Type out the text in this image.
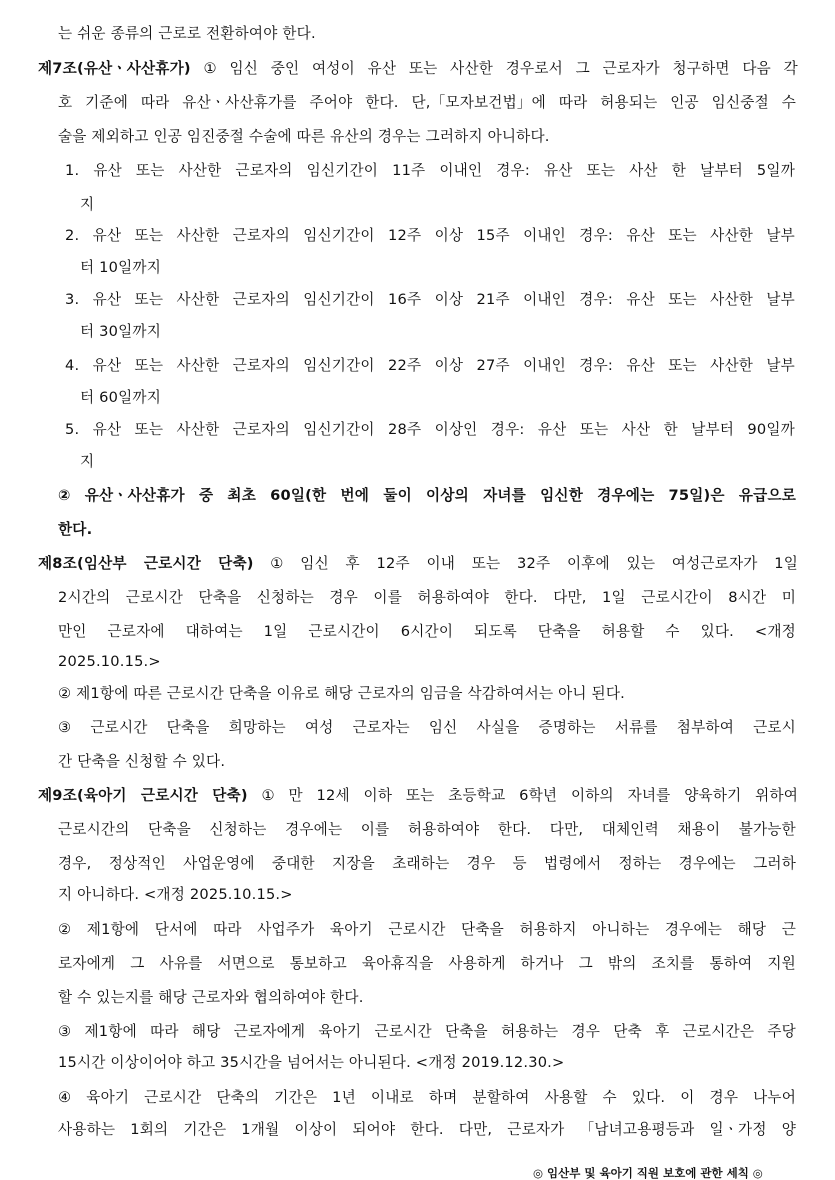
는 쉬운 종류의 근로로 전환하여야 한다.
제7조(유산ㆍ사산휴가) ① 임신 중인 여성이 유산 또는 사산한 경우로서 그 근로자가 청구하면 다음 각
호 기준에 따라 유산ㆍ사산휴가를 주어야 한다. 단,「모자보건법」에 따라 허용되는 인공 임신중절 수
술을 제외하고 인공 임진중절 수술에 따른 유산의 경우는 그러하지 아니하다.
1. 유산 또는 사산한 근로자의 임신기간이 11주 이내인 경우: 유산 또는 사산 한 날부터 5일까
지
2. 유산 또는 사산한 근로자의 임신기간이 12주 이상 15주 이내인 경우: 유산 또는 사산한 날부
터 10일까지
3. 유산 또는 사산한 근로자의 임신기간이 16주 이상 21주 이내인 경우: 유산 또는 사산한 날부
터 30일까지
4. 유산 또는 사산한 근로자의 임신기간이 22주 이상 27주 이내인 경우: 유산 또는 사산한 날부
터 60일까지
5. 유산 또는 사산한 근로자의 임신기간이 28주 이상인 경우: 유산 또는 사산 한 날부터 90일까
지
② 유산ㆍ사산휴가 중 최초 60일(한 번에 둘이 이상의 자녀를 임신한 경우에는 75일)은 유급으로
한다.
제8조(임산부 근로시간 단축) ① 임신 후 12주 이내 또는 32주 이후에 있는 여성근로자가 1일
2시간의 근로시간 단축을 신청하는 경우 이를 허용하여야 한다. 다만, 1일 근로시간이 8시간 미
만인 근로자에 대하여는 1일 근로시간이 6시간이 되도록 단축을 허용할 수 있다. <개정
2025.10.15.>
② 제1항에 따른 근로시간 단축을 이유로 해당 근로자의 임금을 삭감하여서는 아니 된다.
③ 근로시간 단축을 희망하는 여성 근로자는 임신 사실을 증명하는 서류를 첨부하여 근로시
간 단축을 신청할 수 있다.
제9조(육아기 근로시간 단축) ① 만 12세 이하 또는 초등학교 6학년 이하의 자녀를 양육하기 위하여
근로시간의 단축을 신청하는 경우에는 이를 허용하여야 한다. 다만, 대체인력 채용이 불가능한
경우, 정상적인 사업운영에 중대한 지장을 초래하는 경우 등 법령에서 정하는 경우에는 그러하
지 아니하다. <개정 2025.10.15.>
② 제1항에 단서에 따라 사업주가 육아기 근로시간 단축을 허용하지 아니하는 경우에는 해당 근
로자에게 그 사유를 서면으로 통보하고 육아휴직을 사용하게 하거나 그 밖의 조치를 통하여 지원
할 수 있는지를 해당 근로자와 협의하여야 한다.
③ 제1항에 따라 해당 근로자에게 육아기 근로시간 단축을 허용하는 경우 단축 후 근로시간은 주당
15시간 이상이어야 하고 35시간을 넘어서는 아니된다. <개정 2019.12.30.>
④ 육아기 근로시간 단축의 기간은 1년 이내로 하며 분할하여 사용할 수 있다. 이 경우 나누어
사용하는 1회의 기간은 1개월 이상이 되어야 한다. 다만, 근로자가 「남녀고용평등과 일ㆍ가정 양
◎ 임산부 및 육아기 직원 보호에 관한 세칙 ◎
